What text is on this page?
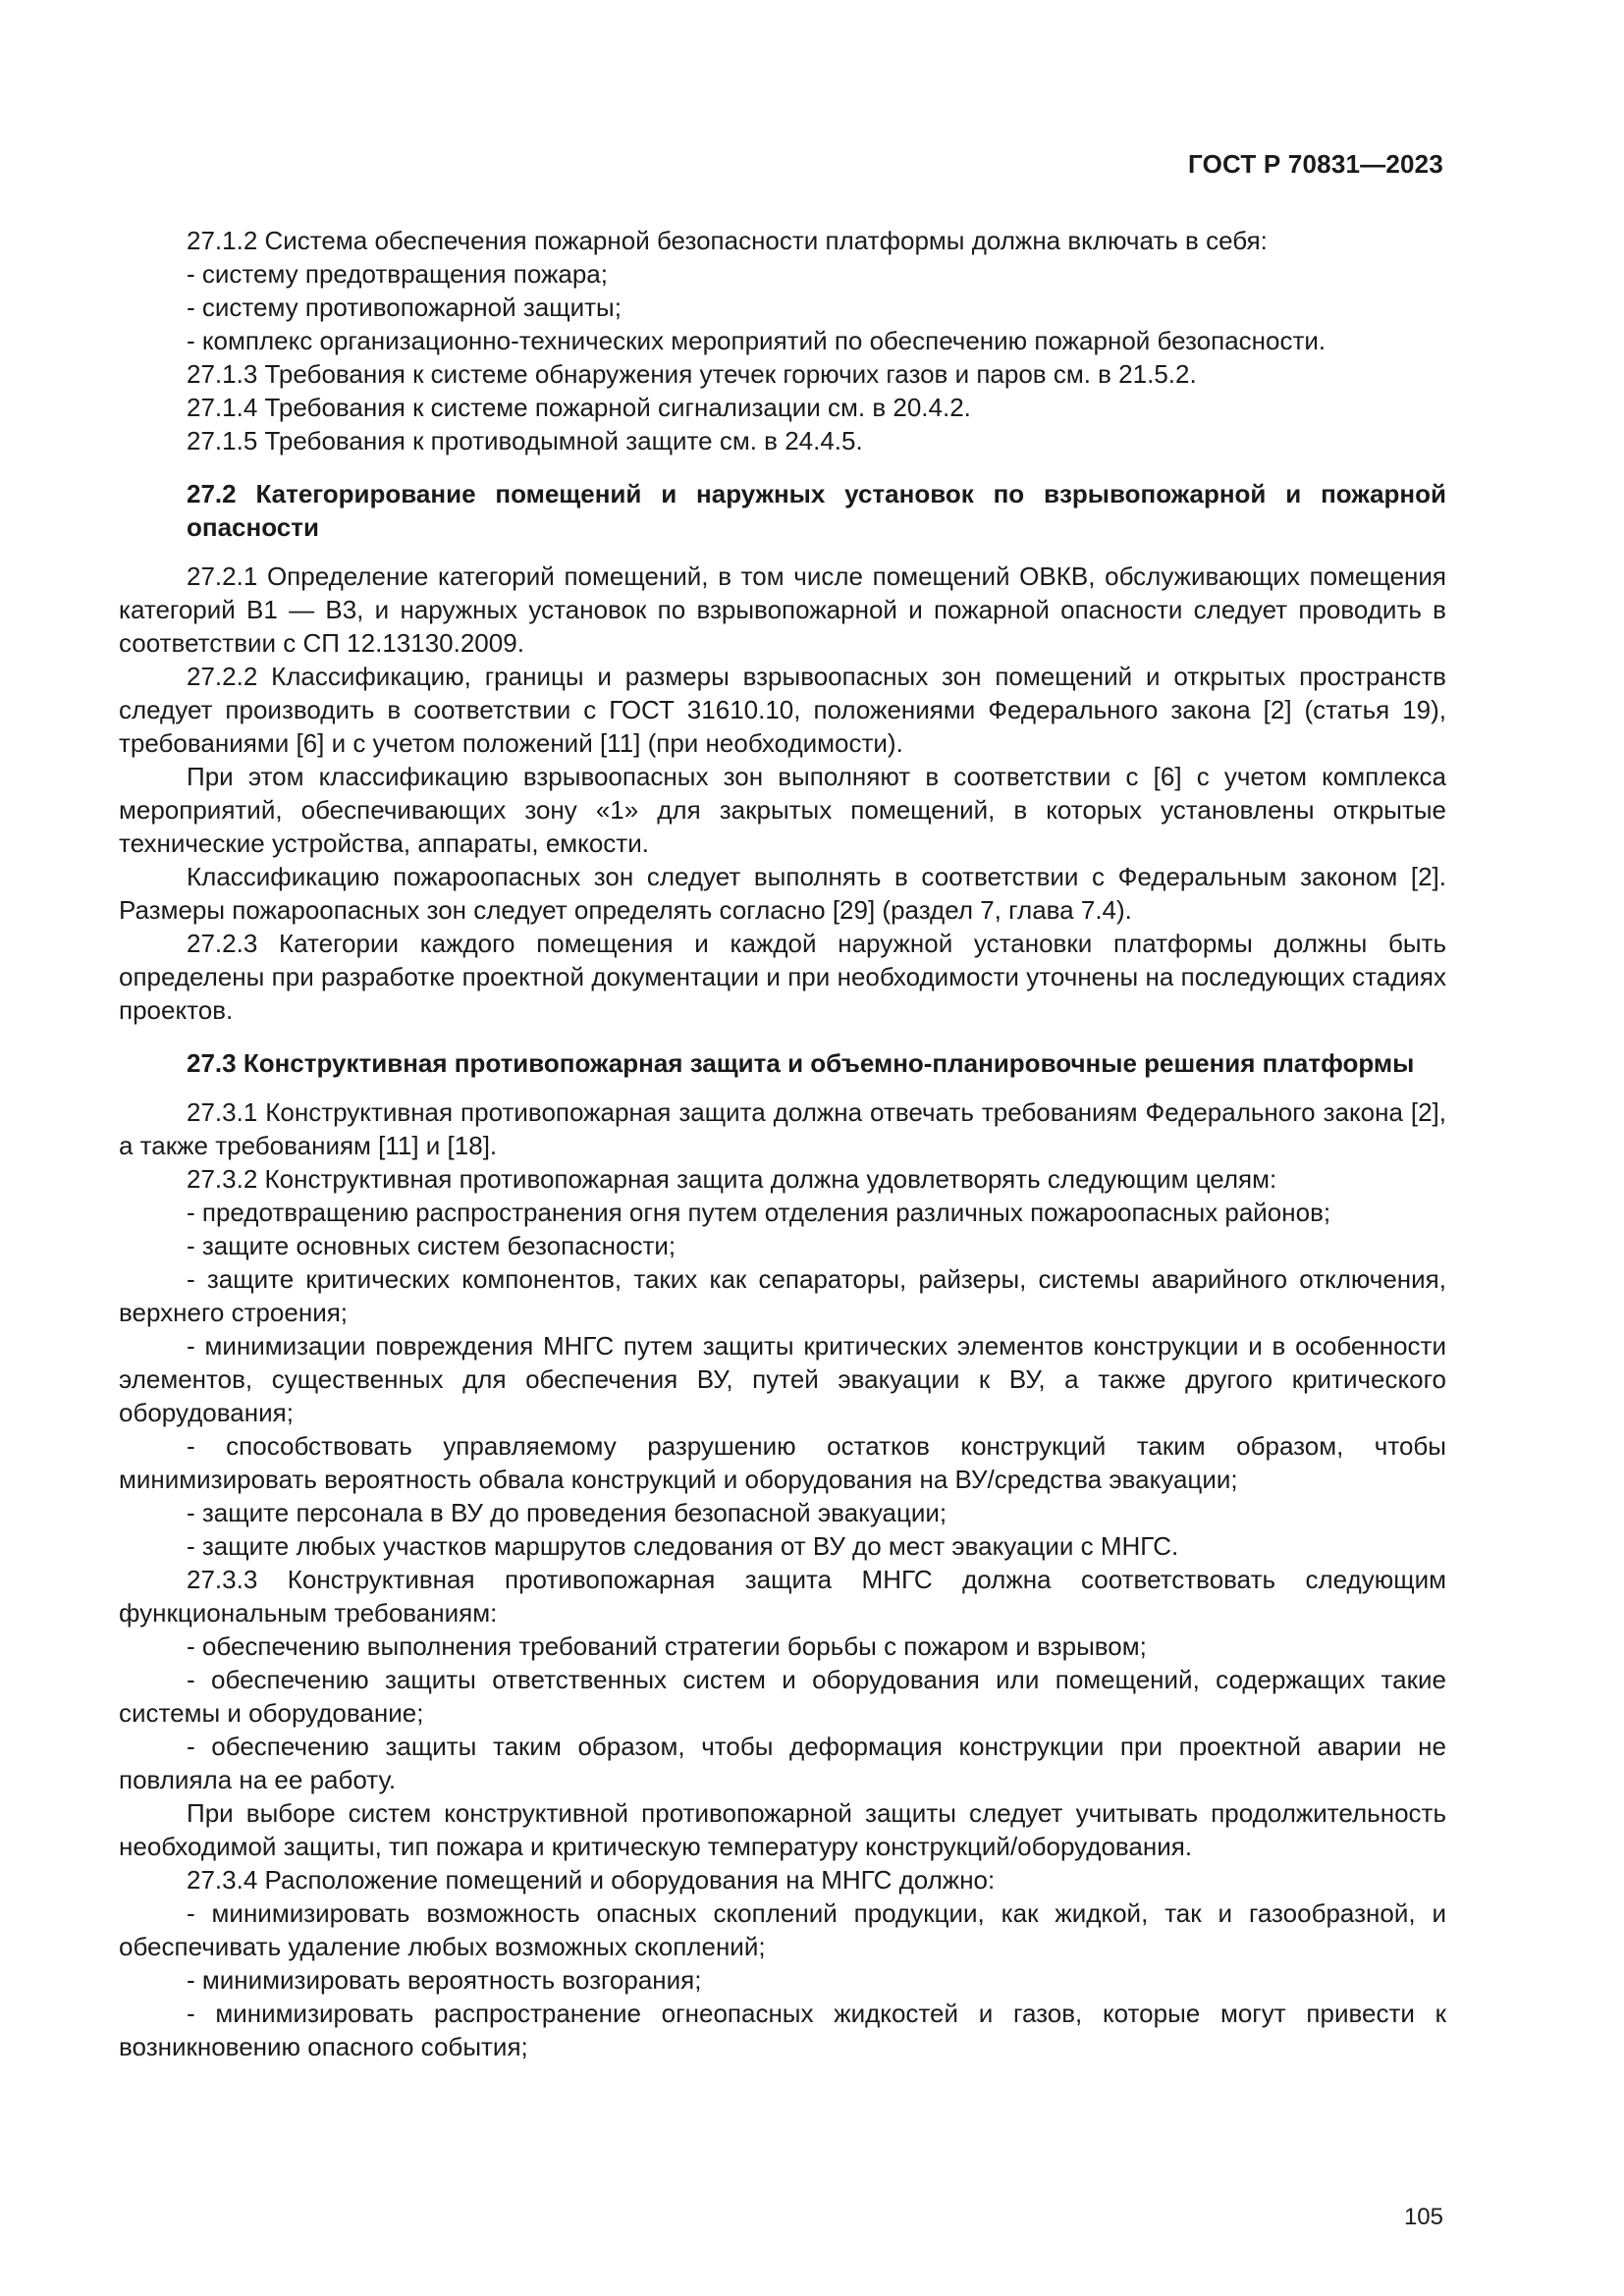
ГОСТ Р 70831—2023

27.1.2 Система обеспечения пожарной безопасности платформы должна включать в себя:

- систему предотвращения пожара;

- систему противопожарной защиты;

- комплекс организационно-технических мероприятий по обеспечению пожарной безопасности.

27.1.3 Требования к системе обнаружения утечек горючих газов и паров см. в 21.5.2.

27.1.4 Требования к системе пожарной сигнализации см. в 20.4.2.

27.1.5 Требования к противодымной защите см. в 24.4.5.

27.2 Категорирование помещений и наружных установок по взрывопожарной и пожарной опасности

27.2.1 Определение категорий помещений, в том числе помещений ОВКВ, обслуживающих помещения категорий В1 — В3, и наружных установок по взрывопожарной и пожарной опасности следует проводить в соответствии с СП 12.13130.2009.

27.2.2 Классификацию, границы и размеры взрывоопасных зон помещений и открытых пространств следует производить в соответствии с ГОСТ 31610.10, положениями Федерального закона [2] (статья 19), требованиями [6] и с учетом положений [11] (при необходимости).

При этом классификацию взрывоопасных зон выполняют в соответствии с [6] с учетом комплекса мероприятий, обеспечивающих зону «1» для закрытых помещений, в которых установлены открытые технические устройства, аппараты, емкости.

Классификацию пожароопасных зон следует выполнять в соответствии с Федеральным законом [2]. Размеры пожароопасных зон следует определять согласно [29] (раздел 7, глава 7.4).

27.2.3 Категории каждого помещения и каждой наружной установки платформы должны быть определены при разработке проектной документации и при необходимости уточнены на последующих стадиях проектов.

27.3 Конструктивная противопожарная защита и объемно-планировочные решения платформы

27.3.1 Конструктивная противопожарная защита должна отвечать требованиям Федерального закона [2], а также требованиям [11] и [18].

27.3.2 Конструктивная противопожарная защита должна удовлетворять следующим целям:

- предотвращению распространения огня путем отделения различных пожароопасных районов;

- защите основных систем безопасности;

- защите критических компонентов, таких как сепараторы, райзеры, системы аварийного отключения, верхнего строения;

- минимизации повреждения МНГС путем защиты критических элементов конструкции и в особенности элементов, существенных для обеспечения ВУ, путей эвакуации к ВУ, а также другого критического оборудования;

- способствовать управляемому разрушению остатков конструкций таким образом, чтобы минимизировать вероятность обвала конструкций и оборудования на ВУ/средства эвакуации;

- защите персонала в ВУ до проведения безопасной эвакуации;

- защите любых участков маршрутов следования от ВУ до мест эвакуации с МНГС.

27.3.3 Конструктивная противопожарная защита МНГС должна соответствовать следующим функциональным требованиям:

- обеспечению выполнения требований стратегии борьбы с пожаром и взрывом;

- обеспечению защиты ответственных систем и оборудования или помещений, содержащих такие системы и оборудование;

- обеспечению защиты таким образом, чтобы деформация конструкции при проектной аварии не повлияла на ее работу.

При выборе систем конструктивной противопожарной защиты следует учитывать продолжительность необходимой защиты, тип пожара и критическую температуру конструкций/оборудования.

27.3.4 Расположение помещений и оборудования на МНГС должно:

- минимизировать возможность опасных скоплений продукции, как жидкой, так и газообразной, и обеспечивать удаление любых возможных скоплений;

- минимизировать вероятность возгорания;

- минимизировать распространение огнеопасных жидкостей и газов, которые могут привести к возникновению опасного события;

105
